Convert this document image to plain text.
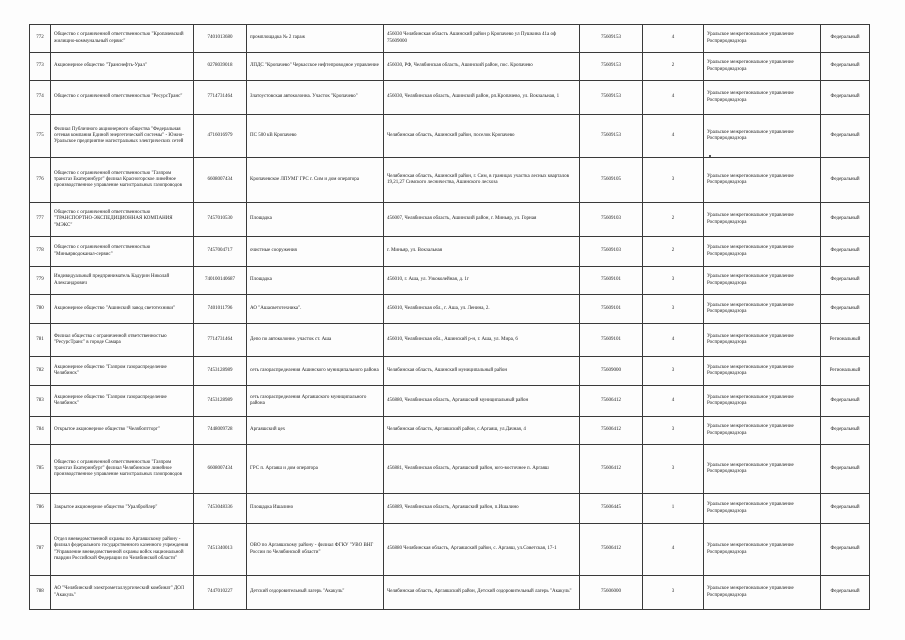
772	Общество с ограниченной ответственностью "Кропачевский жилищно-коммунальный сервис"	7401013680	промплощадка № 2 гараж	456030 Челябинская область Ашинский район р Кропачево ул Пушкина 41а оф 75609000	75609153	4	Уральское межрегиональное управление Росприроднадзора	Федеральный
773	Акционерное общество "Транснефть-Урал"	0278039018	ЛПДС "Кропачево" Черкасское нефтепроводное управление	456030, РФ, Челябинская область, Ашинский район, пос. Кропачево	75609153	2	Уральское межрегиональное управление Росприроднадзора	Федеральный
774	Общество с ограниченной ответственностью "РесурсТранс"	7714731464	Златоустовская автоколонна. Участок "Кропачево"	456030, Челябинская область, Ашинский район, рп.Кропачево, ул. Вокзальная, 1	75609153	4	Уральское межрегиональное управление Росприроднадзора	Федеральный
775	Филиал Публичного акционерного общества "Федеральная сетевая компания Единой энергетической системы" - Южно-Уральское предприятие магистральных электрических сетей	4716016979	ПС 500 кВ Кропачево	Челябинская область, Ашинский район, поселок Кропачево	75609153	4	Уральское межрегиональное управление Росприроднадзора	Федеральный
776	Общество с ограниченной ответственностью "Газпром трансгаз Екатеринбург" филиал Красногорское линейное производственное управление магистральных газопроводов	6608007434	Кропачевское ЛПУМГ ГРС г. Сим и дом оператора	Челябинская область, Ашинский район, г. Сим, в границах участка лесных кварталов 19,21,27 Симского лесничества, Ашинского лесхоза	75609105	3	Уральское межрегиональное управление Росприроднадзора	Федеральный
777	Общество с ограниченной ответственностью "ТРАНСПОРТНО-ЭКСПЕДИЦИОННАЯ КОМПАНИЯ "МЭКС"	7457010530	Площадка	456007, Челябинская область, Ашинский район, г. Миньяр, ул. Горная	75609103	2	Уральское межрегиональное управление Росприроднадзора	Федеральный
778	Общество с ограниченной ответственностью "Миньярводоканал-сервис"	7457004717	очистные сооружения	г. Миньяр, ул. Вокзальная	75609103	2	Уральское межрегиональное управление Росприроднадзора	Федеральный
779	Индивидуальный предприниматель Кадурин Николай Александрович	740100140687	Площадка	456010, г. Аша, ул. Узкоколейная, д. 1г	75609101	3	Уральское межрегиональное управление Росприроднадзора	Федеральный
780	Акционерное общество "Ашинский завод светотехники"	7401011796	АО "Ашасветотехника".	456010, Челябинская обл., г. Аша, ул. Ленина, 2.	75609101	3	Уральское межрегиональное управление Росприроднадзора	Федеральный
781	Филиал общества с ограниченной ответственностью "РесурсТранс" в городе Самара	7714731464	Депо по автоколонне. участок ст. Аша	456010, Челябинская обл., Ашинский р-н, г. Аша, ул. Мира, 6	75609101	4	Уральское межрегиональное управление Росприроднадзора	Региональный
782	Акционерное общество "Газпром газораспределение Челябинск"	7453128989	сеть газораспределения Ашинского муниципального района	Челябинская область, Ашинский муниципальный район	75609000	3	Уральское межрегиональное управление Росприроднадзора	Региональный
783	Акционерное общество "Газпром газораспределение Челябинск"	7453128989	сеть газораспределения Аргаяшского муниципального района	456880, Челябинская область, Аргаяшский муниципальный район	75606412	4	Уральское межрегиональное управление Росприроднадзора	Федеральный
784	Открытое акционерное общество "Челябоптторг"	7448009728	Аргаяшский цех	Челябинская область, Аргаяшский район, с.Аргаяш, ул.Дачная, 4	75606412	3	Уральское межрегиональное управление Росприроднадзора	Федеральный
785	Общество с ограниченной ответственностью "Газпром трансгаз Екатеринбург" филиал Челябинское линейное производственное управление магистральных газопроводов	6608007434	ГРС п. Аргаяш и дом оператора	456881, Челябинская область, Аргаяшский район, юго-восточнее п. Аргаяш	75606412	3	Уральское межрегиональное управление Росприроднадзора	Федеральный
786	Закрытое акционерное общество "Уралбройлер"	7453048336	Площадка Ишалино	456889, Челябинская область, Аргаяшский район, п.Ишалино	75606445	1	Уральское межрегиональное управление Росприроднадзора	Федеральный
787	Отдел вневедомственной охраны по Аргаяшскому району - филиал федерального государственного казенного учреждения "Управление вневедомственной охраны войск национальной гвардии Российской Федерации по Челябинской области"	7451340013	ОВО по Аргаяшскому району - филиал ФГКУ "УВО ВНГ России по Челябинской области"	456880 Челябинская область, Аргаяшский район, с. Аргаяш, ул.Советская, 17-1	75606412	4	Уральское межрегиональное управление Росприроднадзора	Федеральный
788	АО "Челябинский электрометаллургический комбинат" ДОЛ "Акакуль"	7447010227	Детский оздоровительный лагерь "Акакуль"	Челябинская область, Аргаяшский район, Детский оздоровительный лагерь "Акакуль"	75606000	3	Уральское межрегиональное управление Росприроднадзора	Федеральный
